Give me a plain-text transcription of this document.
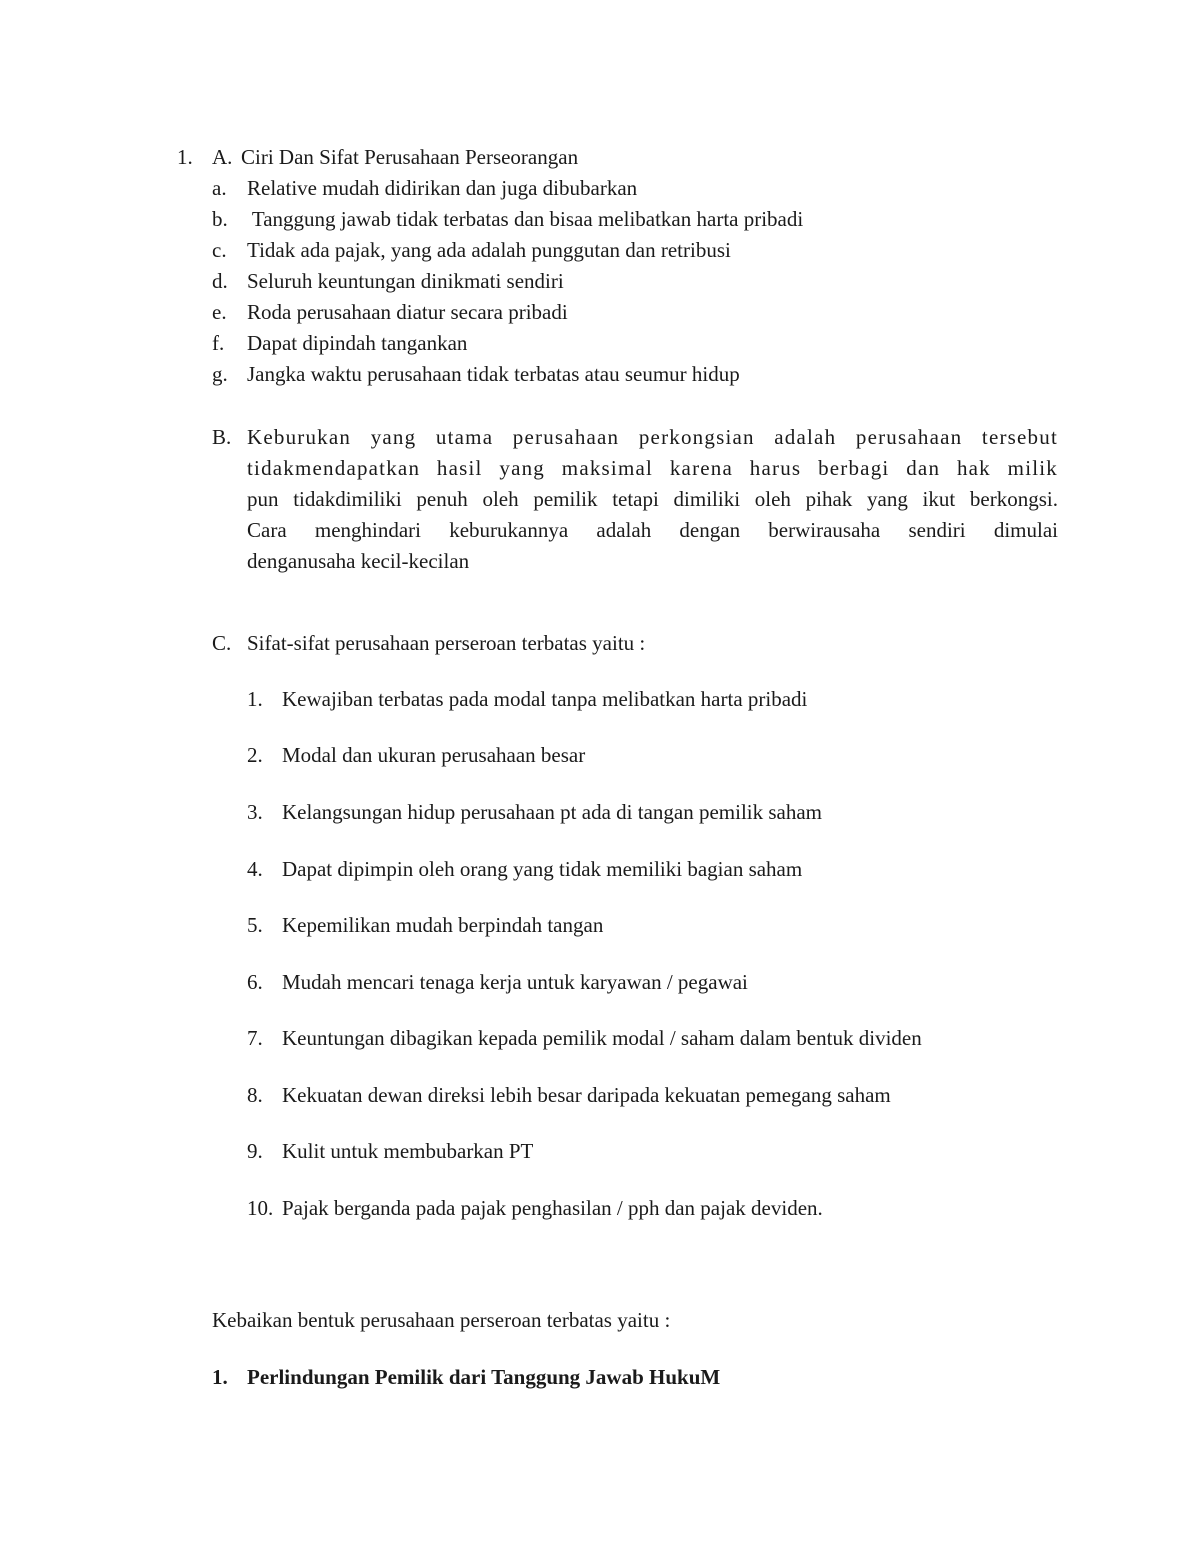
1. A. Ciri Dan Sifat Perusahaan Perseorangan
a. Relative mudah didirikan dan juga dibubarkan
b. Tanggung jawab tidak terbatas dan bisaa melibatkan harta pribadi
c. Tidak ada pajak, yang ada adalah punggutan dan retribusi
d. Seluruh keuntungan dinikmati sendiri
e. Roda perusahaan diatur secara pribadi
f. Dapat dipindah tangankan
g. Jangka waktu perusahaan tidak terbatas atau seumur hidup
B. Keburukan yang utama perusahaan perkongsian adalah perusahaan tersebut
tidakmendapatkan hasil yang maksimal karena harus berbagi dan hak milik
pun tidakdimiliki penuh oleh pemilik tetapi dimiliki oleh pihak yang ikut berkongsi.
Cara menghindari keburukannya adalah dengan berwirausaha sendiri dimulai
denganusaha kecil-kecilan
C. Sifat-sifat perusahaan perseroan terbatas yaitu :
1. Kewajiban terbatas pada modal tanpa melibatkan harta pribadi
2. Modal dan ukuran perusahaan besar
3. Kelangsungan hidup perusahaan pt ada di tangan pemilik saham
4. Dapat dipimpin oleh orang yang tidak memiliki bagian saham
5. Kepemilikan mudah berpindah tangan
6. Mudah mencari tenaga kerja untuk karyawan / pegawai
7. Keuntungan dibagikan kepada pemilik modal / saham dalam bentuk dividen
8. Kekuatan dewan direksi lebih besar daripada kekuatan pemegang saham
9. Kulit untuk membubarkan PT
10. Pajak berganda pada pajak penghasilan / pph dan pajak deviden.
Kebaikan bentuk perusahaan perseroan terbatas yaitu :
1. Perlindungan Pemilik dari Tanggung Jawab HukuM
